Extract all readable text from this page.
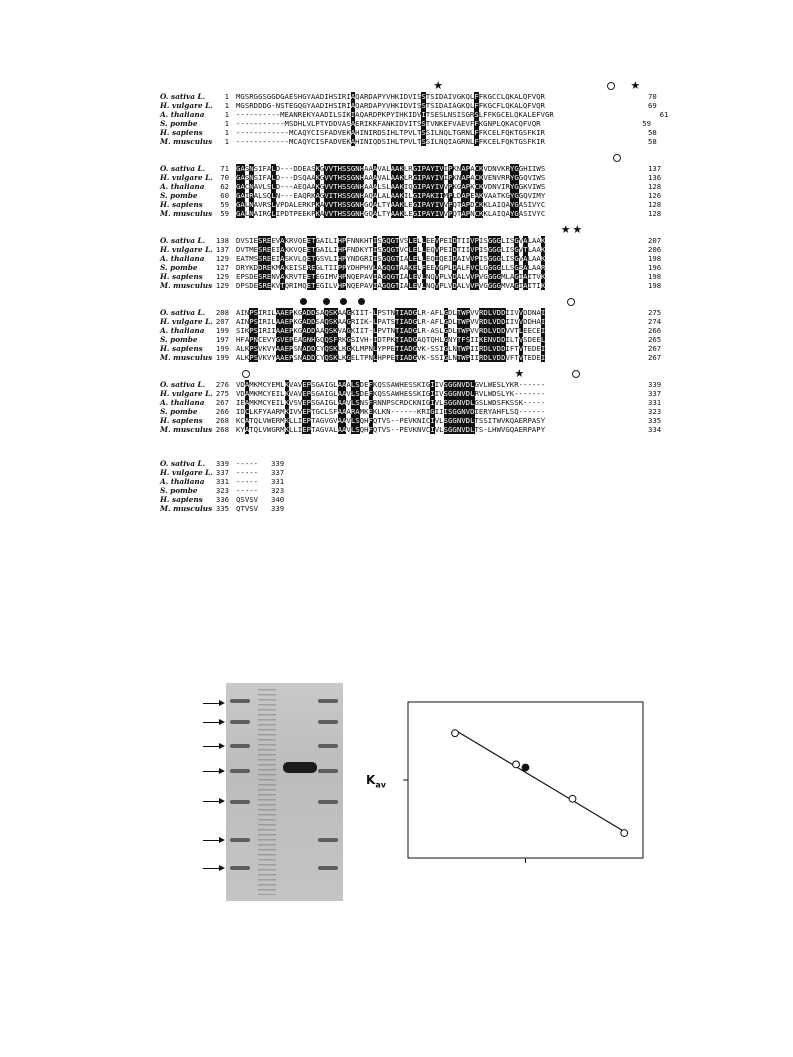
★
★
O. sativa L.	1 MGSRGGSGGDGAESHGYAADIHSIRIAQARDAPYVHKIDVISSTSIDAIVGKQLFFKGCCLQKALQFVQR	70
H. vulgare L.	1 MGSRDDDG-NSTEGQGYAADIHSIRIAQARDAPYVHKIDVISSTSIDAIAGKQLFFKGCFLQKALQFVQR	69
A. thaliana	1 ----------MEANREKYAADILSIKIAQARDPKPYIHKIDVITSESLNSISGRSLFFKGCELQKALEFVGR	61
S. pombe	1 -----------MSDHLVLPTYDDVASAERIKKFANKIDVITSSTVNKEFVAEVFFKGNPLQKACQFVQR	59
H. sapiens	1 ------------MCAQYCISFADVEKAHINIRDSIHLTPVLTSSILNQLTGRNLFFKCELFQKTGSFKIR	58
M. musculus	1 ------------MCAQYCISFADVEKAHINIQDSIHLTPVLTSSILNQIAGRNLFFKCELFQKTGSFKIR	58
O. sativa L.	71 GASNSIFALD---DDEASKGVVTHSSGNHAAAVALAAKLRGIPAYIVIPKNAPACKVDNVKRYGGHIIWS	137
H. vulgare L.	70 GASNSIFALD---DSQAAKGVVTHSSGNHAAAVALAAKLRGIPAYIVIPKNAPACKVENVRRYGGQVIWS	136
A. thaliana	62 GACNAVLSLD---AEQAAKGVVTHSSGNHAAALSLAAKIQGIPAYIVVPKGAPKCKVDNVIRYGGKVIWS	128
S. pombe	60 GAIRALSQLN---EAQRKAGVITHSSGNHAQALALAAKILGIPAKIIMPLDAPEAKVAATKGYGGQVIMY	126
H. sapiens	59 GALNAVRSLVPDALERKPKAVVTHSSGNHGQALTYAAKLEGIPAYIVVPQTAPDCKKLAIQAYGASIVYC	128
M. musculus	59 GALNAIRGLIPDTPEEKPKAVVTHSSGNHGQALTYAAKLEGIPAYIVVPQTAPNCKKLAIQAYGASIVYC	128
★ ★
O. sativa L.	138 DVSIESREEVAKRVQEETGAILIHPFNNKHTISGQGTVSLELLEEVPEIDTIIVPISGGGLISGVALAAK	207
H. vulgare L. 137 DVTMESREEIAKKVQEETGAILIHPFNDKYTISGQGTVCLELLEQVPEIDTIIVPISGGGLISGVTLAAK	206
A. thaliana	129 EATMSSREEIASKVLQETGSVLIHPYNDGRIISGQGTIALELLEQIQEIDAIVVPISGGGLISGVALAAK	198
S. pombe	127 DRYKDDREKMAKEISEREGLTIIPPYDHPHVLAGQGTAAKELFEEVGPLDALFVCLGGGGLLSGSALAAR	196
H. sapiens	129 EPSDESRENVAKRVTEETEGIMVHPNQEPAVIAGQGTIALEVLNQVPLVDALVVPVGGGGMLAGIAITVK	198
M. musculus 129 DPSDESREKVTQRIMQETEGILVHPNQEPAVIAGQGTIALEVLNQVPLVDALVVPVGGGGMVAGIAITIK	198
O. sativa L.	208 AINPSIRILAAEPKGADDSAQSKAAGKIIT-LPSTNTIADGLR-AFLGDLTWPVVRDLVDDIIVVDDNAI	275
H. vulgare L. 207 AINPSIRILAAEPKGADDSAQSKAAGRIIK-LPATSTIADGLR-AFLGDLTWPVVRDLVDDIIVVDDHAI	274
A. thaliana	199 SIKPSIRIIAAEPKGADDAAQSKVAGKIIT-LPVTNTIADGLR-ASLGDLTWPVVRDLVDDVVTLEECEI	266
S. pombe	197 HFAPNCEVYGVEPEAGNHGQQSFRKGSIVH-IDTPKTIADGAQTQHLGNYTFSIIKENVDDILTVSDEEL	265
H. sapiens	199 ALKPSVKVYAAEPSNADDCYQSKLKGKLMPNLYPPETIADGVK-SSIGLNTWPIIRDLVDDIFTVTEDEI	267
M. musculus 199 ALKPSVKVYAAEPSNADDCYQSKLKGELTPNLHPPETIADGVK-SSIGLNTWPIIRDLVDDVFTVTEDEI	267
★
O. sativa L.	276 VDAMKMCYEMLKVAVEPSGAIGLAAALSDEFKQSSAWHESSKIGIIVSGGNVDLGVLWESLYKR------	339
H. vulgare L. 275 VDAMKMCYEILKVAVEPSGAIGLAAVLSDEFKQSSAWHESSKIGIIVSGGNVDLRVLWDSLYK-------	337
A. thaliana	267 IEAMKMCYEILKVSVEPSGAIGLAAVLSNSFRNNPSCRDCKNIGIVLSGGNVDLGSLWDSFKSSK-----	331
S. pombe	266 IDCLKFYAARMKIVVEPTGCLSFAAARAMKEKLKN------KRIGIIISGGNVDIERYAHFLSQ------	323
H. sapiens	268 KCATQLVWERMKLLIEPTAGVGVAAVLSQHFQTVS--PEVKNICIVLSGGNVDLTSSITWVKQAERPASY	335
M. musculus 268 KYATQLVWGRMKLLIEPTAGVALAAVLSQHFQTVS--PEVKNVCIVLSGGNVDLTS-LHWVGQAERPAPY	334
O. sativa L.	339 ----- 339
H. vulgare L. 337 ----- 337
A. thaliana	331 ----- 331
S. pombe	323 ----- 323
H. sapiens	336 QSVSV 340
M. musculus 335 QTVSV 339
$K_{av}$
